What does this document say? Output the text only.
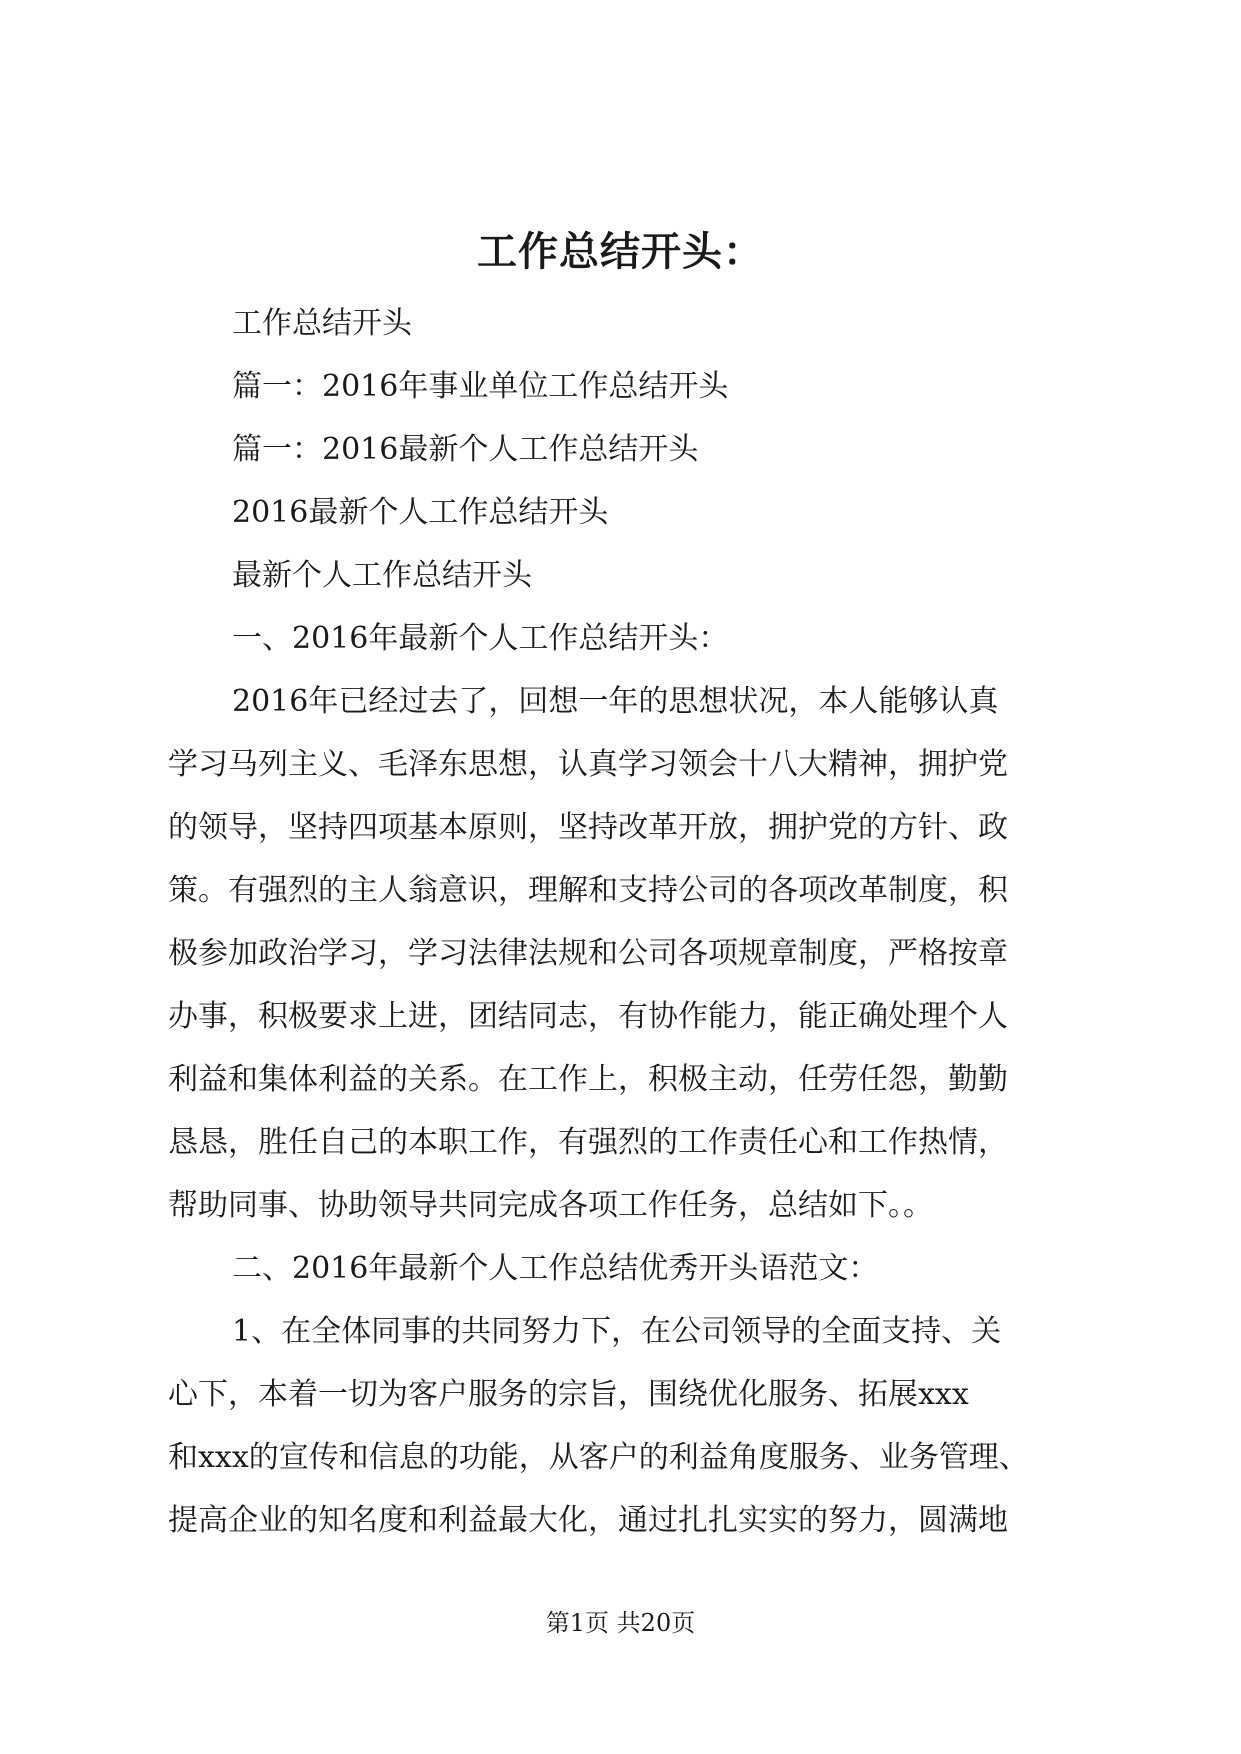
工作总结开头：

工作总结开头

篇一：2016年事业单位工作总结开头

篇一：2016最新个人工作总结开头

2016最新个人工作总结开头

最新个人工作总结开头

一、2016年最新个人工作总结开头：

2016年已经过去了，回想一年的思想状况，本人能够认真

学习马列主义、毛泽东思想，认真学习领会十八大精神，拥护党

的领导，坚持四项基本原则，坚持改革开放，拥护党的方针、政

策。有强烈的主人翁意识，理解和支持公司的各项改革制度，积

极参加政治学习，学习法律法规和公司各项规章制度，严格按章

办事，积极要求上进，团结同志，有协作能力，能正确处理个人

利益和集体利益的关系。在工作上，积极主动，任劳任怨，勤勤

恳恳，胜任自己的本职工作，有强烈的工作责任心和工作热情，

帮助同事、协助领导共同完成各项工作任务，总结如下。。

二、2016年最新个人工作总结优秀开头语范文：

1、在全体同事的共同努力下，在公司领导的全面支持、关

心下，本着一切为客户服务的宗旨，围绕优化服务、拓展xxx

和xxx的宣传和信息的功能，从客户的利益角度服务、业务管理、

提高企业的知名度和利益最大化，通过扎扎实实的努力，圆满地

第1页 共20页
